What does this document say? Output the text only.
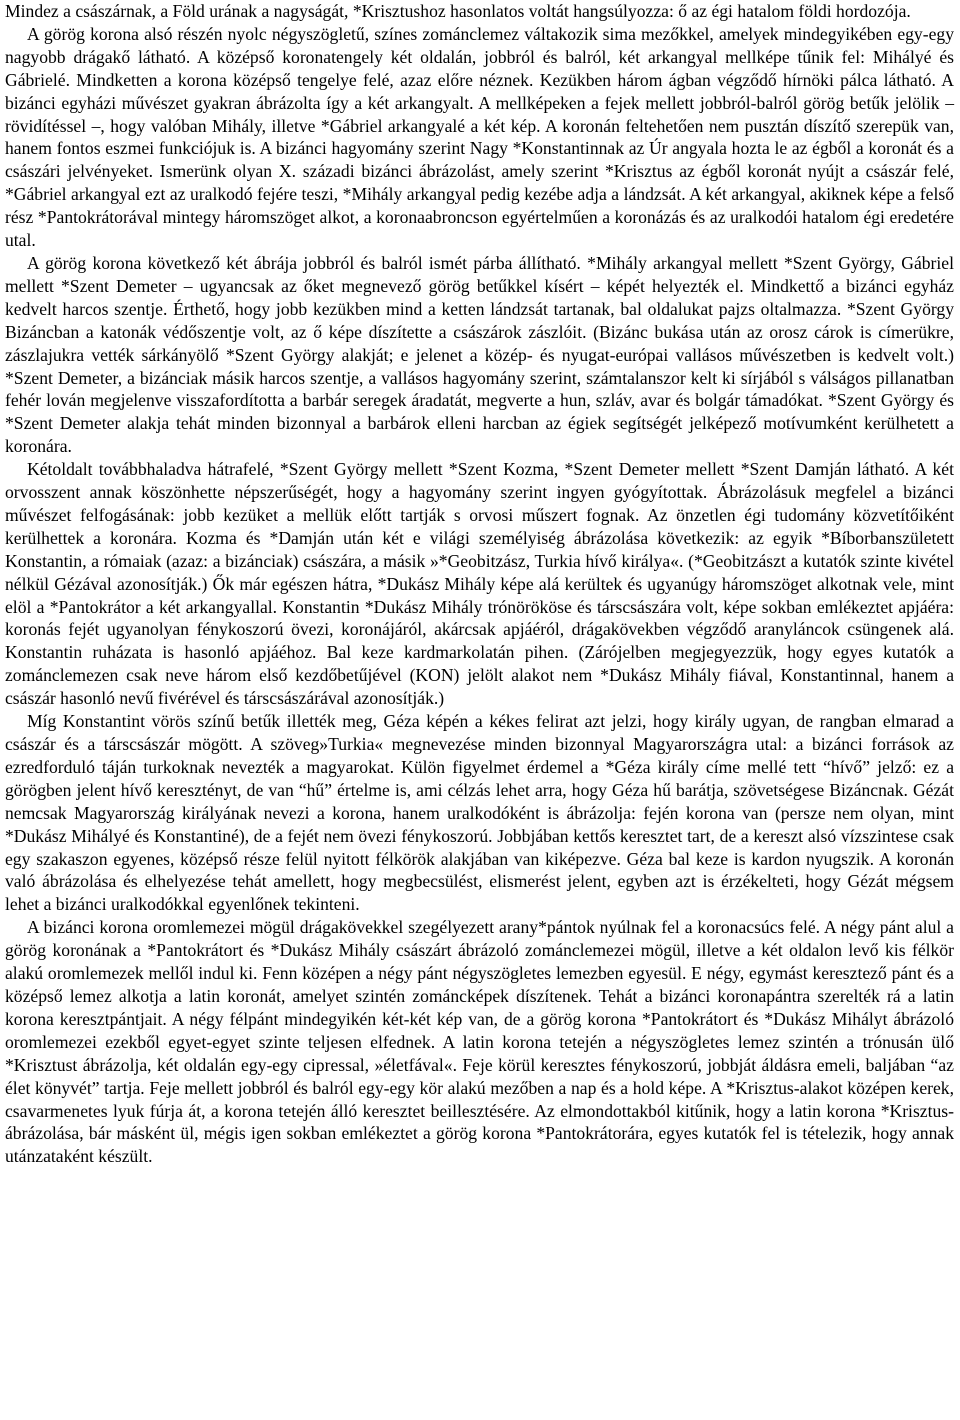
Mindez a császárnak, a Föld urának a nagyságát, *Krisztushoz hasonlatos voltát hangsúlyozza: ő az égi hatalom földi hordozója.

A görög korona alsó részén nyolc négyszögletű, színes zománclemez váltakozik sima mezőkkel, amelyek mindegyikében egy-egy nagyobb drágakő látható. A középső koronatengely két oldalán, jobbról és balról, két arkangyal mellképe tűnik fel: Mihályé és Gábrielé. Mindketten a korona középső tengelye felé, azaz előre néznek. Kezükben három ágban végződő hírnöki pálca látható. A bizánci egyházi művészet gyakran ábrázolta így a két arkangyalt. A mellképeken a fejek mellett jobbról-balról görög betűk jelölik – rövidítéssel –, hogy valóban Mihály, illetve *Gábriel arkangyalé a két kép. A koronán feltehetően nem pusztán díszítő szerepük van, hanem fontos eszmei funkciójuk is. A bizánci hagyomány szerint Nagy *Konstantinnak az Úr angyala hozta le az égből a koronát és a császári jelvényeket. Ismerünk olyan X. századi bizánci ábrázolást, amely szerint *Krisztus az égből koronát nyújt a császár felé, *Gábriel arkangyal ezt az uralkodó fejére teszi, *Mihály arkangyal pedig kezébe adja a lándzsát. A két arkangyal, akiknek képe a felső rész *Pantokrátorával mintegy háromszöget alkot, a koronaabroncson egyértelműen a koronázás és az uralkodói hatalom égi eredetére utal.

A görög korona következő két ábrája jobbról és balról ismét párba állítható. *Mihály arkangyal mellett *Szent György, Gábriel mellett *Szent Demeter – ugyancsak az őket megnevező görög betűkkel kísért – képét helyezték el. Mindkettő a bizánci egyház kedvelt harcos szentje. Érthető, hogy jobb kezükben mind a ketten lándzsát tartanak, bal oldalukat pajzs oltalmazza. *Szent György Bizáncban a katonák védőszentje volt, az ő képe díszítette a császárok zászlóit. (Bizánc bukása után az orosz cárok is címerükre, zászlajukra vették sárkányölő *Szent György alakját; e jelenet a közép- és nyugat-európai vallásos művészetben is kedvelt volt.) *Szent Demeter, a bizánciak másik harcos szentje, a vallásos hagyomány szerint, számtalanszor kelt ki sírjából s válságos pillanatban fehér lován megjelenve visszafordította a barbár seregek áradatát, megverte a hun, szláv, avar és bolgár támadókat. *Szent György és *Szent Demeter alakja tehát minden bizonnyal a barbárok elleni harcban az égiek segítségét jelképező motívumként kerülhetett a koronára.

Kétoldalt továbbhaladva hátrafelé, *Szent György mellett *Szent Kozma, *Szent Demeter mellett *Szent Damján látható. A két orvosszent annak köszönhette népszerűségét, hogy a hagyomány szerint ingyen gyógyítottak. Ábrázolásuk megfelel a bizánci művészet felfogásának: jobb kezüket a mellük előtt tartják s orvosi műszert fognak. Az önzetlen égi tudomány közvetítőiként kerülhettek a koronára. Kozma és *Damján után két e világi személyiség ábrázolása következik: az egyik *Bíborbanszületett Konstantin, a rómaiak (azaz: a bizánciak) császára, a másik »*Geobitzász, Turkia hívő királya«. (*Geobitzászt a kutatók szinte kivétel nélkül Gézával azonosítják.) Ők már egészen hátra, *Dukász Mihály képe alá kerültek és ugyanúgy háromszöget alkotnak vele, mint elöl a *Pantokrátor a két arkangyallal. Konstantin *Dukász Mihály trónörököse és társcsászára volt, képe sokban emlékeztet apjáéra: koronás fejét ugyanolyan fénykoszorú övezi, koronájáról, akárcsak apjáéról, drágakövekben végződő aranyláncok csüngenek alá. Konstantin ruházata is hasonló apjáéhoz. Bal keze kardmarkolatán pihen. (Zárójelben megjegyezzük, hogy egyes kutatók a zománclemezen csak neve három első kezdőbetűjével (KON) jelölt alakot nem *Dukász Mihály fiával, Konstantinnal, hanem a császár hasonló nevű fivérével és társcsászárával azonosítják.)

Míg Konstantint vörös színű betűk illették meg, Géza képén a kékes felirat azt jelzi, hogy király ugyan, de rangban elmarad a császár és a társcsászár mögött. A szöveg»Turkia« megnevezése minden bizonnyal Magyarországra utal: a bizánci források az ezredforduló táján turkoknak nevezték a magyarokat. Külön figyelmet érdemel a *Géza király címe mellé tett “hívő” jelző: ez a görögben jelent hívő keresztényt, de van “hű” értelme is, ami célzás lehet arra, hogy Géza hű barátja, szövetségese Bizáncnak. Gézát nemcsak Magyarország királyának nevezi a korona, hanem uralkodóként is ábrázolja: fején korona van (persze nem olyan, mint *Dukász Mihályé és Konstantiné), de a fejét nem övezi fénykoszorú. Jobbjában kettős keresztet tart, de a kereszt alsó vízszintese csak egy szakaszon egyenes, középső része felül nyitott félkörök alakjában van kiképezve. Géza bal keze is kardon nyugszik. A koronán való ábrázolása és elhelyezése tehát amellett, hogy megbecsülést, elismerést jelent, egyben azt is érzékelteti, hogy Gézát mégsem lehet a bizánci uralkodókkal egyenlőnek tekinteni.

A bizánci korona oromlemezei mögül drágakövekkel szegélyezett arany*pántok nyúlnak fel a koronacsúcs felé. A négy pánt alul a görög koronának a *Pantokrátort és *Dukász Mihály császárt ábrázoló zománclemezei mögül, illetve a két oldalon levő kis félkör alakú oromlemezek mellől indul ki. Fenn középen a négy pánt négyszögletes lemezben egyesül. E négy, egymást keresztező pánt és a középső lemez alkotja a latin koronát, amelyet szintén zománcképek díszítenek. Tehát a bizánci koronapántra szerelték rá a latin korona keresztpántjait. A négy félpánt mindegyikén két-két kép van, de a görög korona *Pantokrátort és *Dukász Mihályt ábrázoló oromlemezei ezekből egyet-egyet szinte teljesen elfednek. A latin korona tetején a négyszögletes lemez szintén a trónusán ülő *Krisztust ábrázolja, két oldalán egy-egy cipressal, »életfával«. Feje körül keresztes fénykoszorú, jobbját áldásra emeli, baljában “az élet könyvét” tartja. Feje mellett jobbról és balról egy-egy kör alakú mezőben a nap és a hold képe. A *Krisztus-alakot középen kerek, csavarmenetes lyuk fúrja át, a korona tetején álló keresztet beillesztésére. Az elmondottakból kitűnik, hogy a latin korona *Krisztus-ábrázolása, bár másként ül, mégis igen sokban emlékeztet a görög korona *Pantokrátorára, egyes kutatók fel is tételezik, hogy annak utánzataként készült.
